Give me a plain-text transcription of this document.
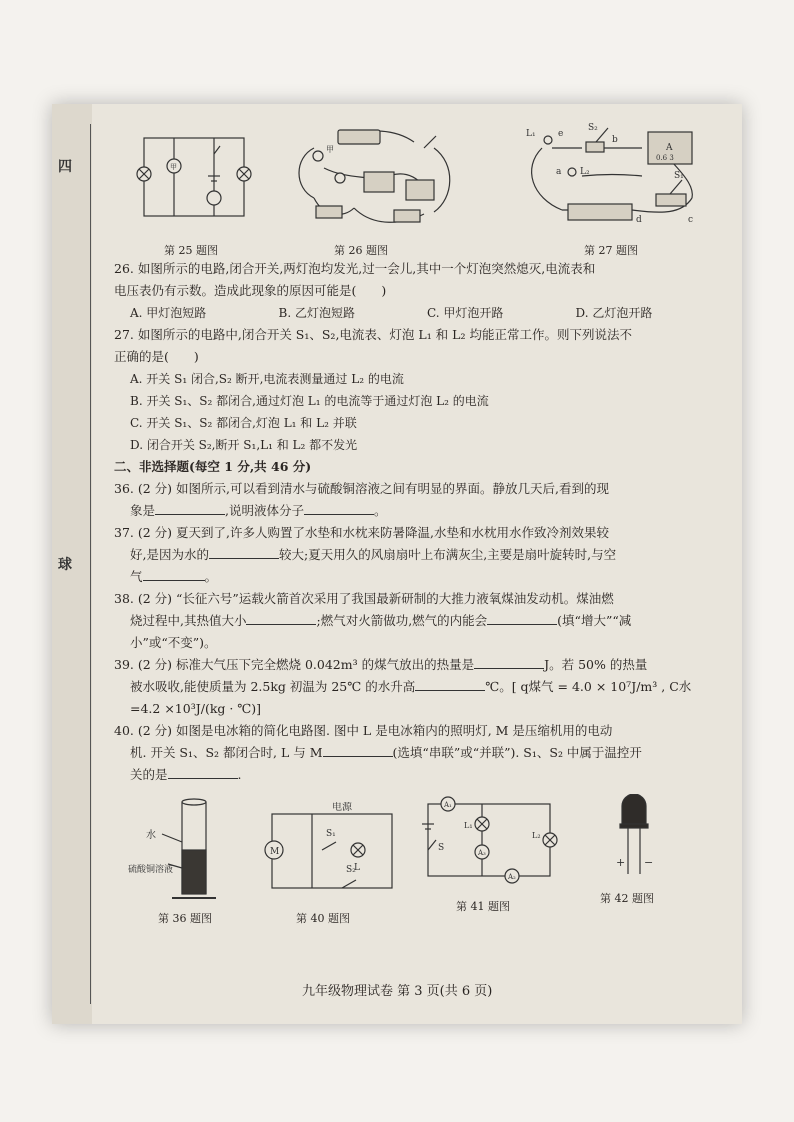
四
球
甲
第 25 题图
甲
第 26 题图
L₁ e
S₂
b
a L₂
A
0.6 3
S₁
d	c
第 27 题图

26. 如图所示的电路,闭合开关,两灯泡均发光,过一会儿,其中一个灯泡突然熄灭,电流表和

电压表仍有示数。造成此现象的原因可能是(　　)

A. 甲灯泡短路	B. 乙灯泡短路	C. 甲灯泡开路	D. 乙灯泡开路

27. 如图所示的电路中,闭合开关 S₁、S₂,电流表、灯泡 L₁ 和 L₂ 均能正常工作。则下列说法不

正确的是(　　)

A. 开关 S₁ 闭合,S₂ 断开,电流表测量通过 L₂ 的电流
B. 开关 S₁、S₂ 都闭合,通过灯泡 L₁ 的电流等于通过灯泡 L₂ 的电流
C. 开关 S₁、S₂ 都闭合,灯泡 L₁ 和 L₂ 并联
D. 闭合开关 S₂,断开 S₁,L₁ 和 L₂ 都不发光
二、非选择题(每空 1 分,共 46 分)

36. (2 分) 如图所示,可以看到清水与硫酸铜溶液之间有明显的界面。静放几天后,看到的现

象是	,说明液体分子	。

37. (2 分) 夏天到了,许多人购置了水垫和水枕来防暑降温,水垫和水枕用水作致冷剂效果较

好,是因为水的	较大;夏天用久的风扇扇叶上布满灰尘,主要是扇叶旋转时,与空

气	。

38. (2 分) “长征六号”运载火箭首次采用了我国最新研制的大推力液氧煤油发动机。煤油燃

烧过程中,其热值大小	;燃气对火箭做功,燃气的内能会	(填“增大”“减

小”或“不变”)。

39. (2 分) 标准大气压下完全燃烧 0.042m³ 的煤气放出的热量是	J。若 50% 的热量

被水吸收,能使质量为 2.5kg 初温为 25℃ 的水升高	℃。[ q煤气 = 4.0 × 10⁷J/m³ , C水

=4.2 ×10³J/(kg · ℃)]

40. (2 分) 如图是电冰箱的简化电路图. 图中 L 是电冰箱内的照明灯, M 是压缩机用的电动

机. 开关 S₁、S₂ 都闭合时, L 与 M	(选填“串联”或“并联”). S₁、S₂ 中属于温控开

关的是	.

水
硫酸铜溶液
第 36 题图
M
电源
S₁
S₂
L
第 40 题图
A₁
A₃
A₂
L₁
L₂
S
第 41 题图
+ −
第 42 题图
九年级物理试卷 第 3 页(共 6 页)
